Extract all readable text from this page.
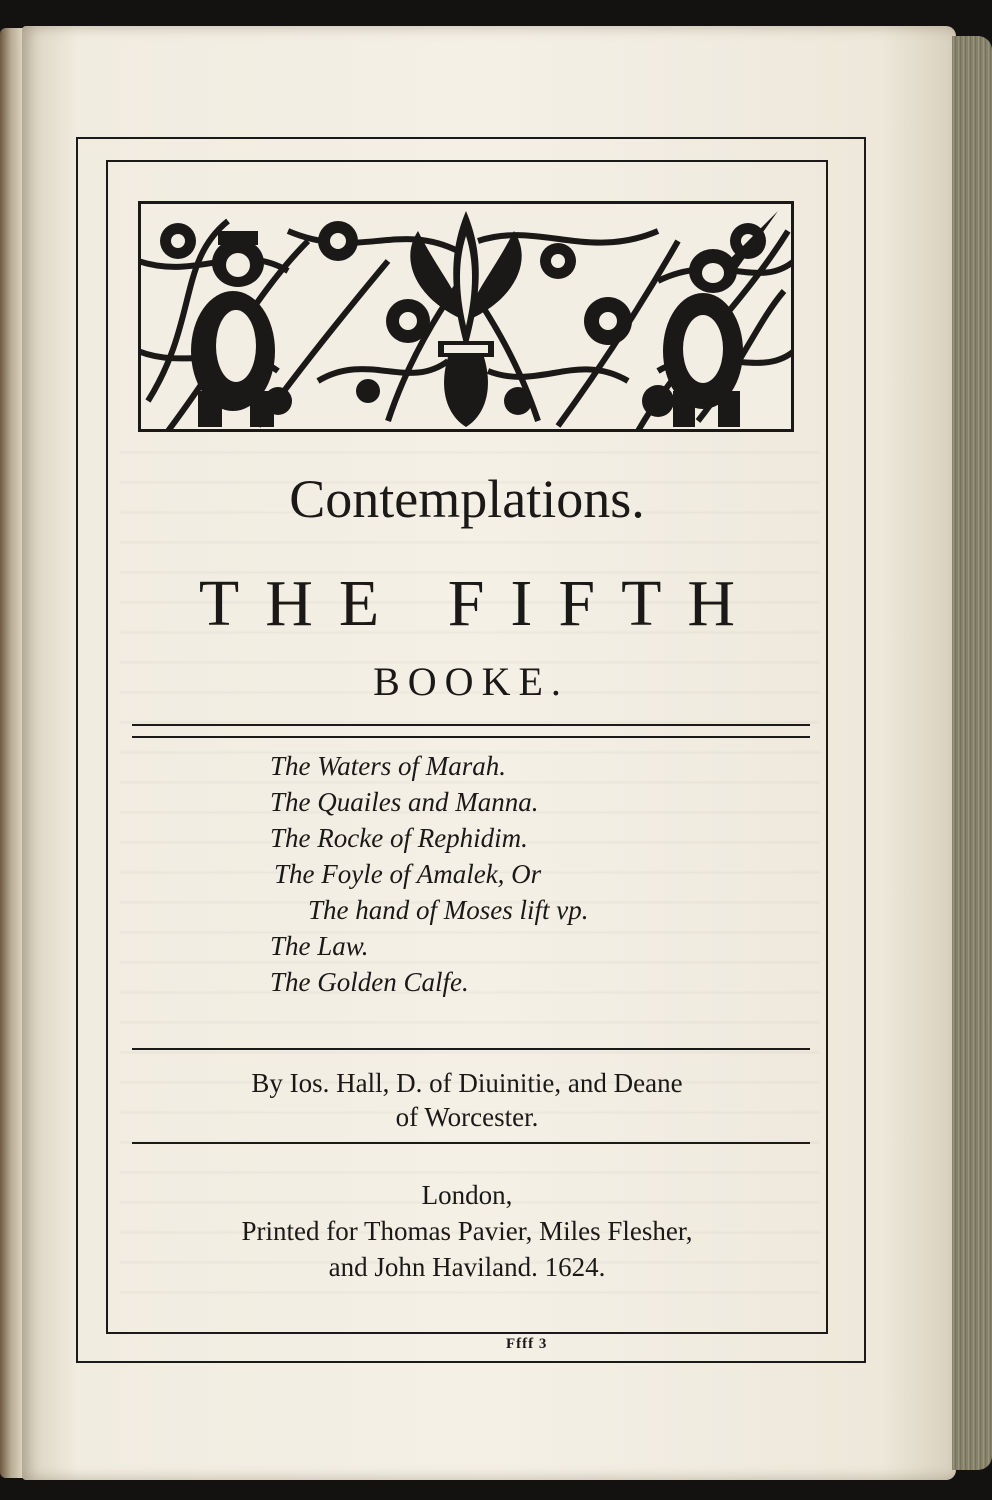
Contemplations.

THE FIFTH

BOOKE.

The Waters of Marah.
The Quailes and Manna.
The Rocke of Rephidim.
The Foyle of Amalek, Or
The hand of Moses lift vp.
The Law.
The Golden Calfe.
By Ios. Hall, D. of Diuinitie, and Deane
of Worcester.
London,
Printed for Thomas Pavier, Miles Flesher,
and John Haviland. 1624.
Ffff 3
